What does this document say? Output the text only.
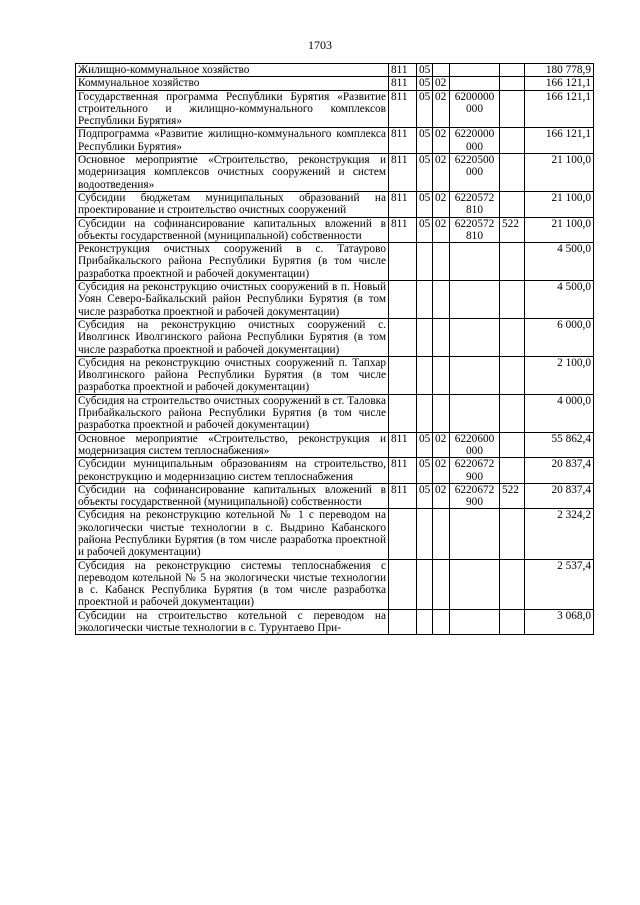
1703
Жилищно-коммунальное хозяйство	811	05				180 778,9
Коммунальное хозяйство	811	05	02			166 121,1
Государственная программа Республики Бурятия «Развитие строительного и жилищно-коммунального комплексов Республики Бурятия»	811	05	02	6200000 000		166 121,1
Подпрограмма «Развитие жилищно-коммунального комплекса Республики Бурятия»	811	05	02	6220000 000		166 121,1
Основное мероприятие «Строительство, реконструкция и модернизация комплексов очистных сооружений и систем водоотведения»	811	05	02	6220500 000		21 100,0
Субсидии бюджетам муниципальных образований на проектирование и строительство очистных сооружений	811	05	02	6220572 810		21 100,0
Субсидии на софинансирование капитальных вложений в объекты государственной (муниципальной) собственности	811	05	02	6220572 810	522	21 100,0
Реконструкция очистных сооружений в с. Татаурово Прибайкальского района Республики Бурятия (в том числе разработка проектной и рабочей документации)						4 500,0
Субсидия на реконструкцию очистных сооружений в п. Новый Уоян Северо-Байкальский район Республики Бурятия (в том числе разработка проектной и рабочей документации)						4 500,0
Субсидия на реконструкцию очистных сооружений с. Иволгинск Иволгинского района Республики Бурятия (в том числе разработка проектной и рабочей документации)						6 000,0
Субсидия на реконструкцию очистных сооружений п. Тапхар Иволгинского района Республики Бурятия (в том числе разработка проектной и рабочей документации)						2 100,0
Субсидия на строительство очистных сооружений в ст. Таловка Прибайкальского района Республики Бурятия (в том числе разработка проектной и рабочей документации)						4 000,0
Основное мероприятие «Строительство, реконструкция и модернизация систем теплоснабжения»	811	05	02	6220600 000		55 862,4
Субсидии муниципальным образованиям на строительство, реконструкцию и модернизацию систем теплоснабжения	811	05	02	6220672 900		20 837,4
Субсидии на софинансирование капитальных вложений в объекты государственной (муниципальной) собственности	811	05	02	6220672 900	522	20 837,4
Субсидия на реконструкцию котельной № 1 с переводом на экологически чистые технологии в с. Выдрино Кабанского района Республики Бурятия (в том числе разработка проектной и рабочей документации)						2 324,2
Субсидия на реконструкцию системы теплоснабжения с переводом котельной № 5 на экологически чистые технологии в с. Кабанск Республика Бурятия (в том числе разработка проектной и рабочей документации)						2 537,4
Субсидии на строительство котельной с переводом на экологически чистые технологии в с. Турунтаево При-						3 068,0
